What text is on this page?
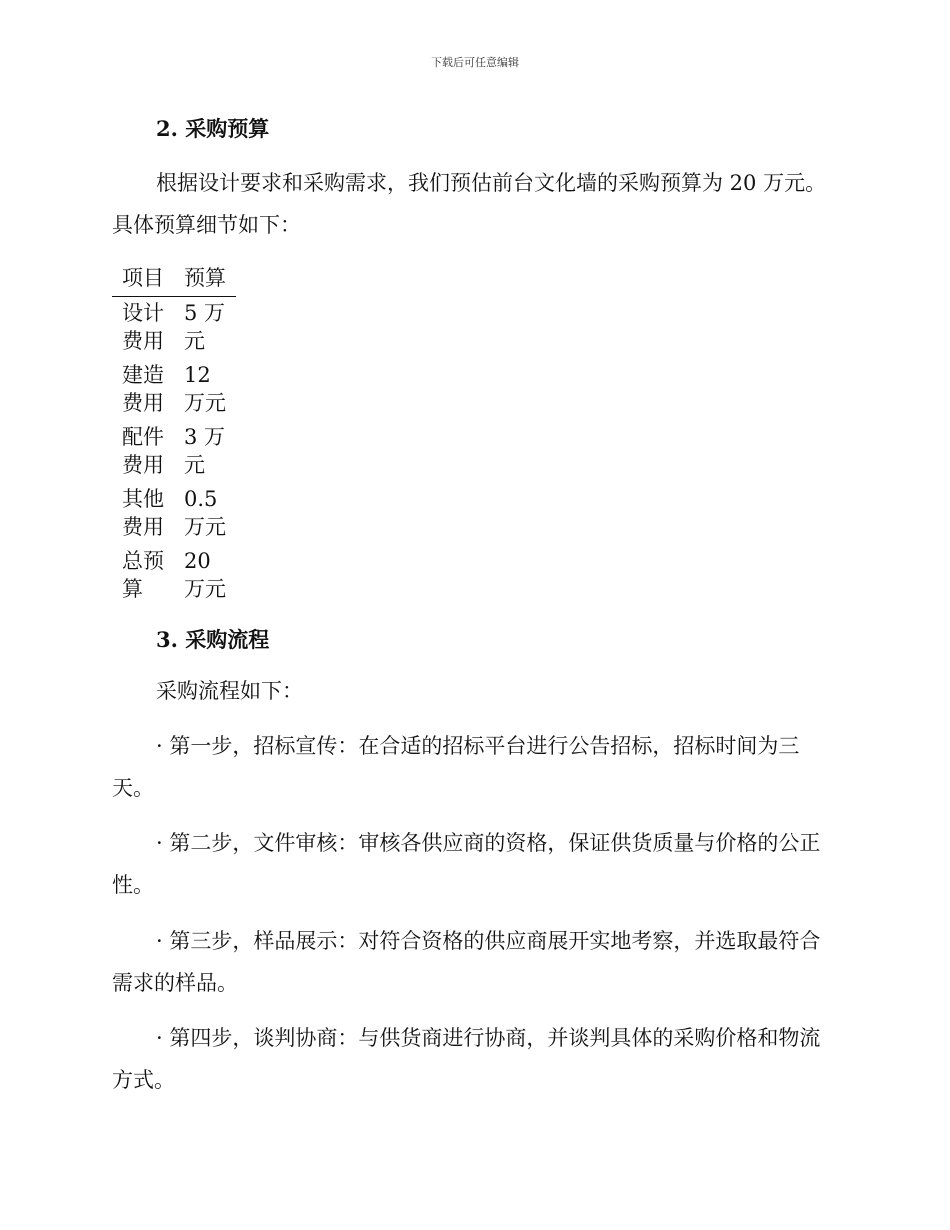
下载后可任意编辑
2. 采购预算
根据设计要求和采购需求，我们预估前台文化墙的采购预算为 20 万元。具体预算细节如下：
项目	预算
设计费用	5 万元
建造费用	12 万元
配件费用	3 万元
其他费用	0.5 万元
总预算	20 万元
3. 采购流程
采购流程如下：
· 第一步，招标宣传：在合适的招标平台进行公告招标，招标时间为三天。
· 第二步，文件审核：审核各供应商的资格，保证供货质量与价格的公正性。
· 第三步，样品展示：对符合资格的供应商展开实地考察，并选取最符合需求的样品。
· 第四步，谈判协商：与供货商进行协商，并谈判具体的采购价格和物流方式。
